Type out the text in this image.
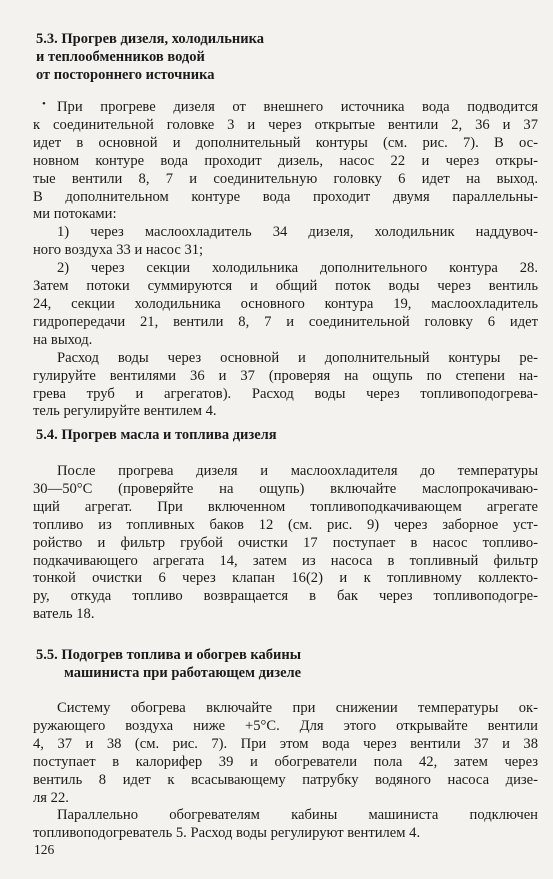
•
5.3. Прогрев дизеля, холодильника
и теплообменников водой
от постороннего источника

При прогреве дизеля от внешнего источника вода подводится
к соединительной головке 3 и через открытые вентили 2, 36 и 37
идет в основной и дополнительный контуры (см. рис. 7). В ос-
новном контуре вода проходит дизель, насос 22 и через откры-
тые вентили 8, 7 и соединительную головку 6 идет на выход.
В дополнительном контуре вода проходит двумя параллельны-
ми потоками:

1) через маслоохладитель 34 дизеля, холодильник наддувоч-
ного воздуха 33 и насос 31;

2) через секции холодильника дополнительного контура 28.
Затем потоки суммируются и общий поток воды через вентиль
24, секции холодильника основного контура 19, маслоохладитель
гидропередачи 21, вентили 8, 7 и соединительной головку 6 идет
на выход.

Расход воды через основной и дополнительный контуры ре-
гулируйте вентилями 36 и 37 (проверяя на ощупь по степени на-
грева труб и агрегатов). Расход воды через топливоподогрева-
тель регулируйте вентилем 4.

5.4. Прогрев масла и топлива дизеля

После прогрева дизеля и маслоохладителя до температуры
30—50°С (проверяйте на ощупь) включайте маслопрокачиваю-
щий агрегат. При включенном топливоподкачивающем агрегате
топливо из топливных баков 12 (см. рис. 9) через заборное уст-
ройство и фильтр грубой очистки 17 поступает в насос топливо-
подкачивающего агрегата 14, затем из насоса в топливный фильтр
тонкой очистки 6 через клапан 16(2) и к топливному коллекто-
ру, откуда топливо возвращается в бак через топливоподогре-
ватель 18.

5.5. Подогрев топлива и обогрев кабины
машиниста при работающем дизеле

Систему обогрева включайте при снижении температуры ок-
ружающего воздуха ниже +5°С. Для этого открывайте вентили
4, 37 и 38 (см. рис. 7). При этом вода через вентили 37 и 38
поступает в калорифер 39 и обогреватели пола 42, затем через
вентиль 8 идет к всасывающему патрубку водяного насоса дизе-
ля 22.

Параллельно обогревателям кабины машиниста подключен
топливоподогреватель 5. Расход воды регулируют вентилем 4.

126
